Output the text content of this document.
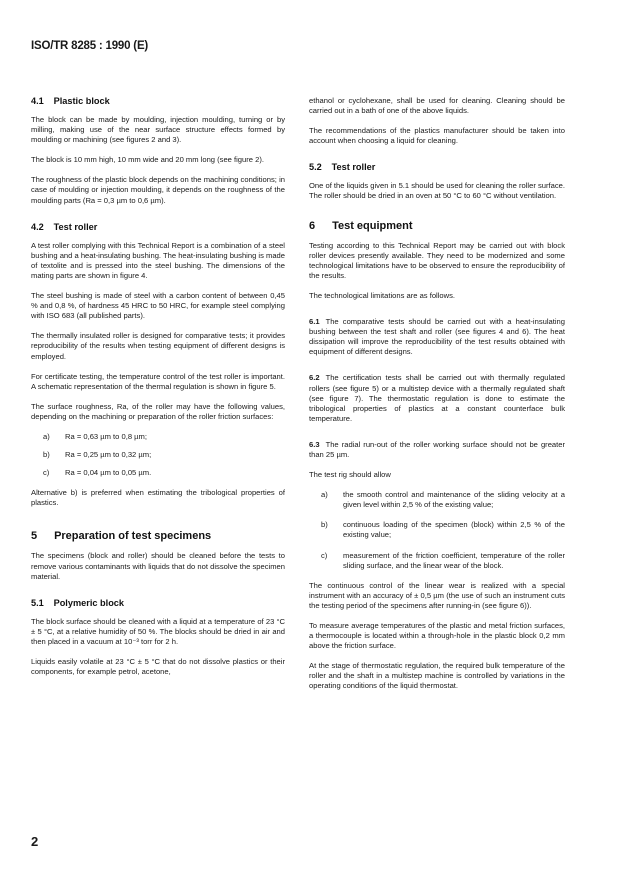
ISO/TR 8285 : 1990 (E)
4.1 Plastic block

The block can be made by moulding, injection moulding, turning or by milling, making use of the near surface structure effects formed by moulding or machining (see figures 2 and 3).

The block is 10 mm high, 10 mm wide and 20 mm long (see figure 2).

The roughness of the plastic block depends on the machining conditions; in case of moulding or injection moulding, it depends on the roughness of the moulding parts (Ra = 0,3 µm to 0,6 µm).

4.2 Test roller

A test roller complying with this Technical Report is a combination of a steel bushing and a heat-insulating bushing. The heat-insulating bushing is made of textolite and is pressed into the steel bushing. The dimensions of the mating parts are shown in figure 4.

The steel bushing is made of steel with a carbon content of between 0,45 % and 0,8 %, of hardness 45 HRC to 50 HRC, for example steel complying with ISO 683 (all published parts).

The thermally insulated roller is designed for comparative tests; it provides reproducibility of the results when testing equipment of different designs is employed.

For certificate testing, the temperature control of the test roller is important. A schematic representation of the thermal regulation is shown in figure 5.

The surface roughness, Ra, of the roller may have the following values, depending on the machining or preparation of the roller friction surfaces:

a)	Ra = 0,63 µm to 0,8 µm;
b)	Ra = 0,25 µm to 0,32 µm;
c)	Ra = 0,04 µm to 0,05 µm.

Alternative b) is preferred when estimating the tribological properties of plastics.

5 Preparation of test specimens

The specimens (block and roller) should be cleaned before the tests to remove various contaminants with liquids that do not dissolve the specimen material.

5.1 Polymeric block

The block surface should be cleaned with a liquid at a temperature of 23 °C ± 5 °C, at a relative humidity of 50 %. The blocks should be dried in air and then placed in a vacuum at 10⁻³ torr for 2 h.

Liquids easily volatile at 23 °C ± 5 °C that do not dissolve plastics or their components, for example petrol, acetone,

ethanol or cyclohexane, shall be used for cleaning. Cleaning should be carried out in a bath of one of the above liquids.

The recommendations of the plastics manufacturer should be taken into account when choosing a liquid for cleaning.

5.2 Test roller

One of the liquids given in 5.1 should be used for cleaning the roller surface. The roller should be dried in an oven at 50 °C to 60 °C without ventilation.

6 Test equipment

Testing according to this Technical Report may be carried out with block roller devices presently available. They need to be modernized and some technological limitations have to be observed to ensure the reproducibility of the results.

The technological limitations are as follows.

6.1 The comparative tests should be carried out with a heat-insulating bushing between the test shaft and roller (see figures 4 and 6). The heat dissipation will improve the reproducibility of the test results obtained with equipment of different designs.

6.2 The certification tests shall be carried out with thermally regulated rollers (see figure 5) or a multistep device with a thermally regulated shaft (see figure 7). The thermostatic regulation is done to estimate the tribological properties of plastics at a constant counterface bulk temperature.

6.3 The radial run-out of the roller working surface should not be greater than 25 µm.

The test rig should allow

a)	the smooth control and maintenance of the sliding velocity at a given level within 2,5 % of the existing value;
b)	continuous loading of the specimen (block) within 2,5 % of the existing value;
c)	measurement of the friction coefficient, temperature of the roller sliding surface, and the linear wear of the block.

The continuous control of the linear wear is realized with a special instrument with an accuracy of ± 0,5 µm (the use of such an instrument cuts the testing period of the specimens after running-in (see figure 6)).

To measure average temperatures of the plastic and metal friction surfaces, a thermocouple is located within a through-hole in the plastic block 0,2 mm above the friction surface.

At the stage of thermostatic regulation, the required bulk temperature of the roller and the shaft in a multistep machine is controlled by variations in the operating conditions of the liquid thermostat.

2
